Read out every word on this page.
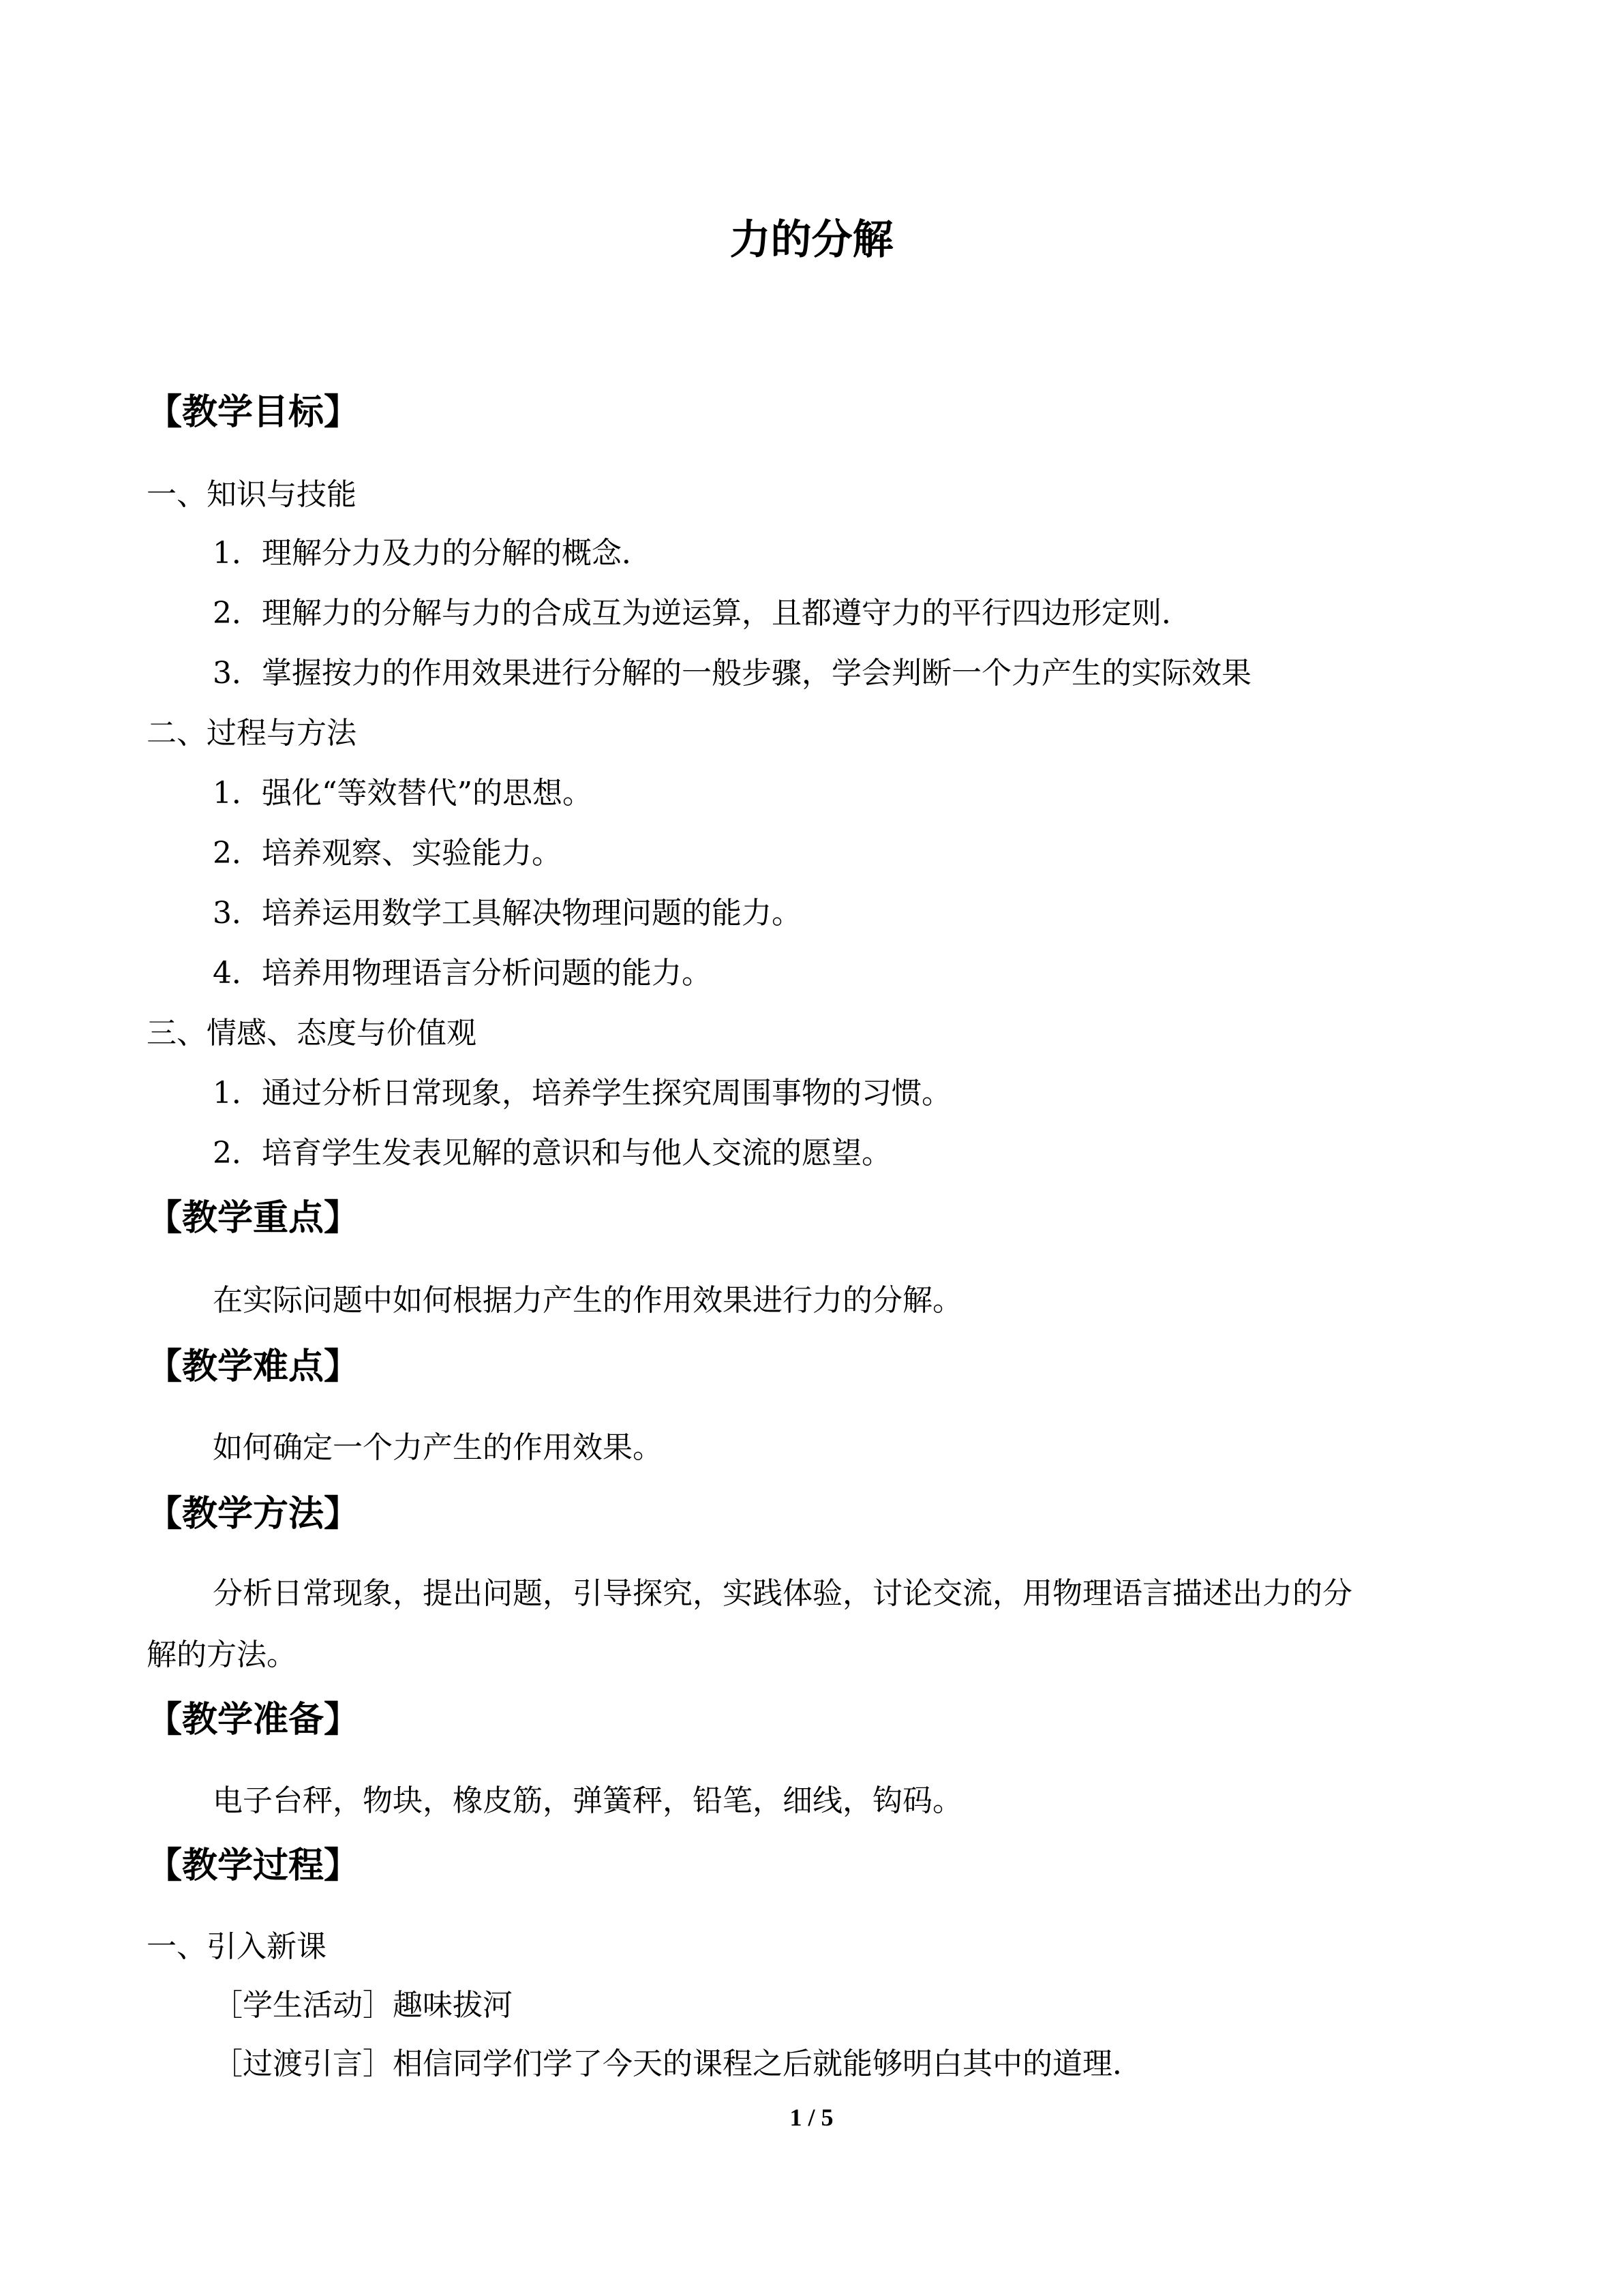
力的分解
【教学目标】
一、知识与技能
1．理解分力及力的分解的概念．
2．理解力的分解与力的合成互为逆运算，且都遵守力的平行四边形定则．
3．掌握按力的作用效果进行分解的一般步骤，学会判断一个力产生的实际效果
二、过程与方法
1．强化“等效替代”的思想。
2．培养观察、实验能力。
3．培养运用数学工具解决物理问题的能力。
4．培养用物理语言分析问题的能力。
三、情感、态度与价值观
1．通过分析日常现象，培养学生探究周围事物的习惯。
2．培育学生发表见解的意识和与他人交流的愿望。
【教学重点】
在实际问题中如何根据力产生的作用效果进行力的分解。
【教学难点】
如何确定一个力产生的作用效果。
【教学方法】
分析日常现象，提出问题，引导探究，实践体验，讨论交流，用物理语言描述出力的分
解的方法。
【教学准备】
电子台秤，物块，橡皮筋，弹簧秤，铅笔，细线，钩码。
【教学过程】
一、引入新课
［学生活动］趣味拔河
［过渡引言］相信同学们学了今天的课程之后就能够明白其中的道理．
1 / 5
